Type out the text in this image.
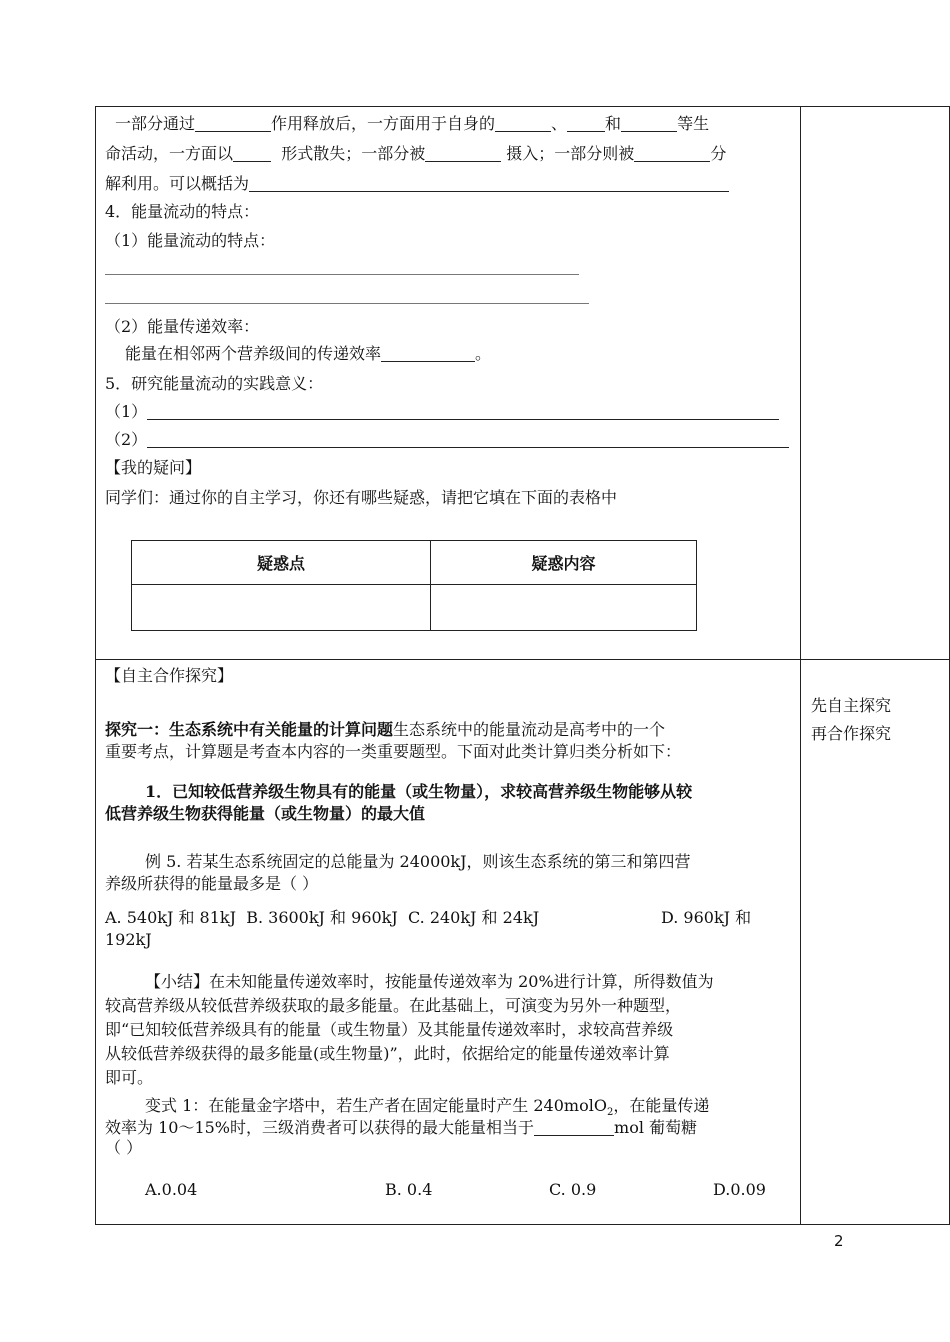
一部分通过	作用释放后，一方面用于自身的	、 和	等生
命活动，一方面以	形式散失；一部分被	摄入；一部分则被	分
解利用。可以概括为
4．能量流动的特点：
（1）能量流动的特点：
（2）能量传递效率：
能量在相邻两个营养级间的传递效率	。
5．研究能量流动的实践意义：
（1）
（2）
【我的疑问】
同学们：通过你的自主学习，你还有哪些疑惑，请把它填在下面的表格中
疑惑点	疑惑内容

【自主合作探究】
探究一：生态系统中有关能量的计算问题生态系统中的能量流动是高考中的一个
重要考点，计算题是考查本内容的一类重要题型。下面对此类计算归类分析如下：
1．已知较低营养级生物具有的能量（或生物量），求较高营养级生物能够从较
低营养级生物获得能量（或生物量）的最大值
例 5. 若某生态系统固定的总能量为 24000kJ，则该生态系统的第三和第四营
养级所获得的能量最多是（ ）
A. 540kJ 和 81kJ B. 3600kJ 和 960kJ C. 240kJ 和 24kJ	D. 960kJ 和
192kJ
【小结】在未知能量传递效率时，按能量传递效率为 20%进行计算，所得数值为
较高营养级从较低营养级获取的最多能量。在此基础上，可演变为另外一种题型，
即“已知较低营养级具有的能量（或生物量）及其能量传递效率时，求较高营养级
从较低营养级获得的最多能量(或生物量)”，此时，依据给定的能量传递效率计算
即可。
变式 1：在能量金字塔中，若生产者在固定能量时产生 240molO$_2$，在能量传递
效率为 10～15%时，三级消费者可以获得的最大能量相当于	mol 葡萄糖
（ ）
A.0.04	B. 0.4	C. 0.9	D.0.09
先自主探究
再合作探究
2
